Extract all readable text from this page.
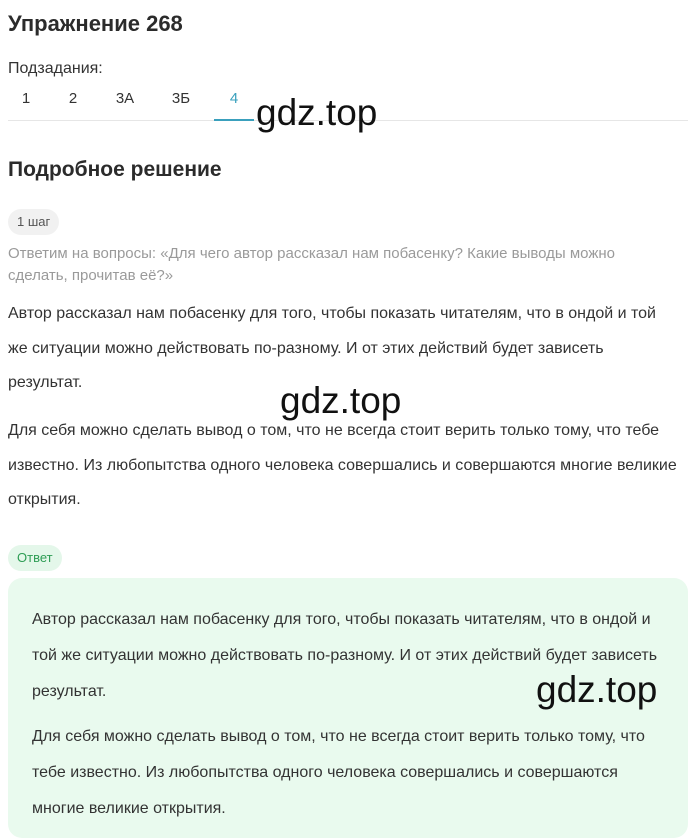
Упражнение 268
Подзадания:
1	2	3А	3Б	4
Подробное решение
1 шаг
Ответим на вопросы: «Для чего автор рассказал нам побасенку? Какие выводы можно сделать, прочитав её?»
Автор рассказал нам побасенку для того, чтобы показать читателям, что в ондой и той же ситуации можно действовать по-разному. И от этих действий будет зависеть результат.
Для себя можно сделать вывод о том, что не всегда стоит верить только тому, что тебе известно. Из любопытства одного человека совершались и совершаются многие великие открытия.
Ответ
Автор рассказал нам побасенку для того, чтобы показать читателям, что в ондой и той же ситуации можно действовать по-разному. И от этих действий будет зависеть результат.
Для себя можно сделать вывод о том, что не всегда стоит верить только тому, что тебе известно. Из любопытства одного человека совершались и совершаются многие великие открытия.
gdz.top
gdz.top
gdz.top
